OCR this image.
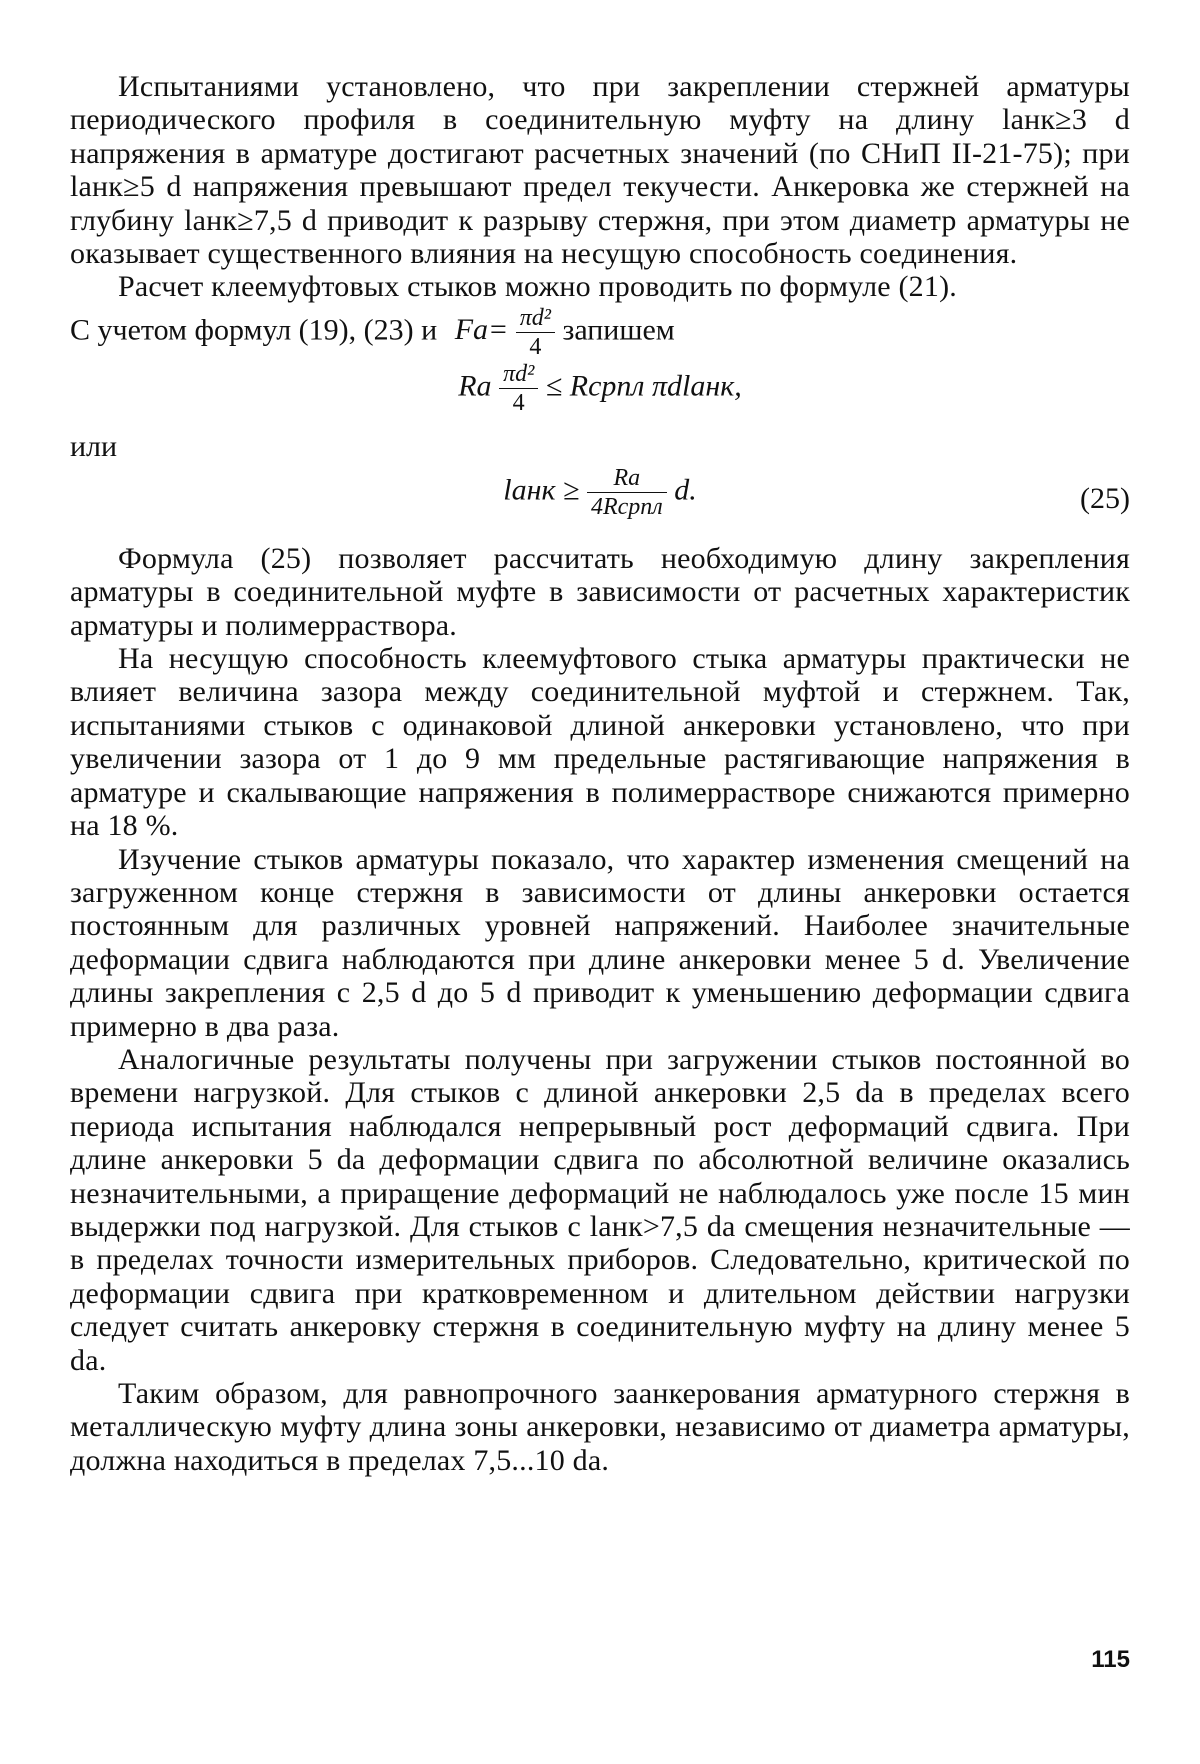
Испытаниями установлено, что при закреплении стержней арматуры периодического профиля в соединительную муфту на длину lанк≥3 d напряжения в арматуре достигают расчетных значений (по СНиП II-21-75); при lанк≥5 d напряжения превышают предел текучести. Анкеровка же стержней на глубину lанк≥7,5 d приводит к разрыву стержня, при этом диаметр арматуры не оказывает существенного влияния на несущую способность соединения.

Расчет клеемуфтовых стыков можно проводить по формуле (21).

С учетом формул (19), (23) и $Fa= \frac{\text{πd²}}{4}$ запишем
Rа $\frac{\text{πd²}}{4}$ ≤ Rсрпл πdlанк,
или
lанк ≥ $\frac{Rа}{\text{4Rсрпл}} d$.	(25)

Формула (25) позволяет рассчитать необходимую длину закрепления арматуры в соединительной муфте в зависимости от расчетных характеристик арматуры и полимерраствора.

На несущую способность клеемуфтового стыка арматуры практически не влияет величина зазора между соединительной муфтой и стержнем. Так, испытаниями стыков с одинаковой длиной анкеровки установлено, что при увеличении зазора от 1 до 9 мм предельные растягивающие напряжения в арматуре и скалывающие напряжения в полимеррастворе снижаются примерно на 18 %.

Изучение стыков арматуры показало, что характер изменения смещений на загруженном конце стержня в зависимости от длины анкеровки остается постоянным для различных уровней напряжений. Наиболее значительные деформации сдвига наблюдаются при длине анкеровки менее 5 d. Увеличение длины закрепления с 2,5 d до 5 d приводит к уменьшению деформации сдвига примерно в два раза.

Аналогичные результаты получены при загружении стыков постоянной во времени нагрузкой. Для стыков с длиной анкеровки 2,5 dа в пределах всего периода испытания наблюдался непрерывный рост деформаций сдвига. При длине анкеровки 5 dа деформации сдвига по абсолютной величине оказались незначительными, а приращение деформаций не наблюдалось уже после 15 мин выдержки под нагрузкой. Для стыков с lанк>7,5 dа смещения незначительные — в пределах точности измерительных приборов. Следовательно, критической по деформации сдвига при кратковременном и длительном действии нагрузки следует считать анкеровку стержня в соединительную муфту на длину менее 5 dа.

Таким образом, для равнопрочного заанкерования арматурного стержня в металлическую муфту длина зоны анкеровки, независимо от диаметра арматуры, должна находиться в пределах 7,5...10 dа.

115
